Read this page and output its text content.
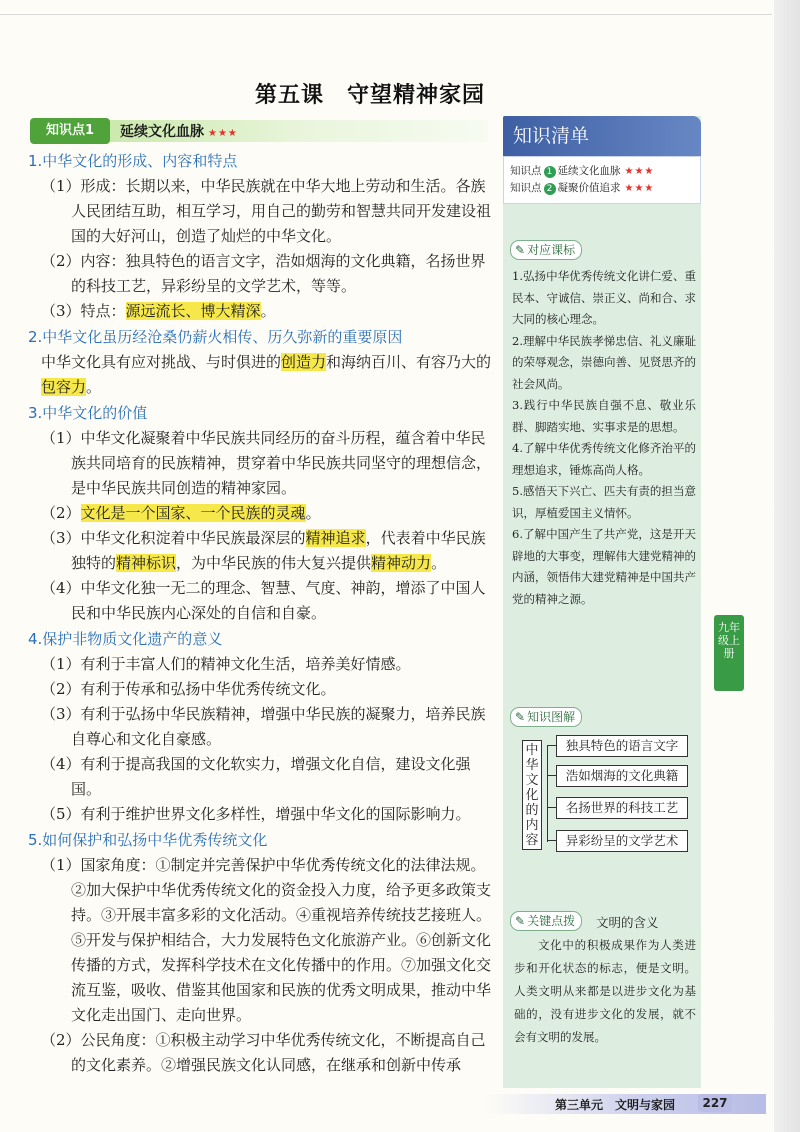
第五课　守望精神家园
知识点1	延续文化血脉 ★★★
1.中华文化的形成、内容和特点

（1）形成：长期以来，中华民族就在中华大地上劳动和生活。各族人民团结互助，相互学习，用自己的勤劳和智慧共同开发建设祖国的大好河山，创造了灿烂的中华文化。

（2）内容：独具特色的语言文字，浩如烟海的文化典籍，名扬世界的科技工艺，异彩纷呈的文学艺术，等等。

（3）特点：源远流长、博大精深。

2.中华文化虽历经沧桑仍薪火相传、历久弥新的重要原因

中华文化具有应对挑战、与时俱进的创造力和海纳百川、有容乃大的包容力。

3.中华文化的价值

（1）中华文化凝聚着中华民族共同经历的奋斗历程，蕴含着中华民族共同培育的民族精神，贯穿着中华民族共同坚守的理想信念，是中华民族共同创造的精神家园。

（2）文化是一个国家、一个民族的灵魂。

（3）中华文化积淀着中华民族最深层的精神追求，代表着中华民族独特的精神标识，为中华民族的伟大复兴提供精神动力。

（4）中华文化独一无二的理念、智慧、气度、神韵，增添了中国人民和中华民族内心深处的自信和自豪。

4.保护非物质文化遗产的意义

（1）有利于丰富人们的精神文化生活，培养美好情感。

（2）有利于传承和弘扬中华优秀传统文化。

（3）有利于弘扬中华民族精神，增强中华民族的凝聚力，培养民族自尊心和文化自豪感。

（4）有利于提高我国的文化软实力，增强文化自信，建设文化强国。

（5）有利于维护世界文化多样性，增强中华文化的国际影响力。

5.如何保护和弘扬中华优秀传统文化

（1）国家角度：①制定并完善保护中华优秀传统文化的法律法规。②加大保护中华优秀传统文化的资金投入力度，给予更多政策支持。③开展丰富多彩的文化活动。④重视培养传统技艺接班人。⑤开发与保护相结合，大力发展特色文化旅游产业。⑥创新文化传播的方式，发挥科学技术在文化传播中的作用。⑦加强文化交流互鉴，吸收、借鉴其他国家和民族的优秀文明成果，推动中华文化走出国门、走向世界。

（2）公民角度：①积极主动学习中华优秀传统文化，不断提高自己的文化素养。②增强民族文化认同感，在继承和创新中传承

知识清单
知识点 1 延续文化血脉 ★★★
知识点 2 凝聚价值追求 ★★★
✎ 对应课标

1.弘扬中华优秀传统文化讲仁爱、重民本、守诚信、崇正义、尚和合、求大同的核心理念。

2.理解中华民族孝悌忠信、礼义廉耻的荣辱观念，崇德向善、见贤思齐的社会风尚。

3.践行中华民族自强不息、敬业乐群、脚踏实地、实事求是的思想。

4.了解中华优秀传统文化修齐治平的理想追求，锤炼高尚人格。

5.感悟天下兴亡、匹夫有责的担当意识，厚植爱国主义情怀。

6.了解中国产生了共产党，这是开天辟地的大事变，理解伟大建党精神的内涵，领悟伟大建党精神是中国共产党的精神之源。

九年级上册
✎ 知识图解
中华文化的内容
独具特色的语言文字
浩如烟海的文化典籍
名扬世界的科技工艺
异彩纷呈的文学艺术
✎ 关键点拨	文明的含义
文化中的积极成果作为人类进步和开化状态的标志，便是文明。人类文明从来都是以进步文化为基础的，没有进步文化的发展，就不会有文明的发展。
第三单元　文明与家园	227
